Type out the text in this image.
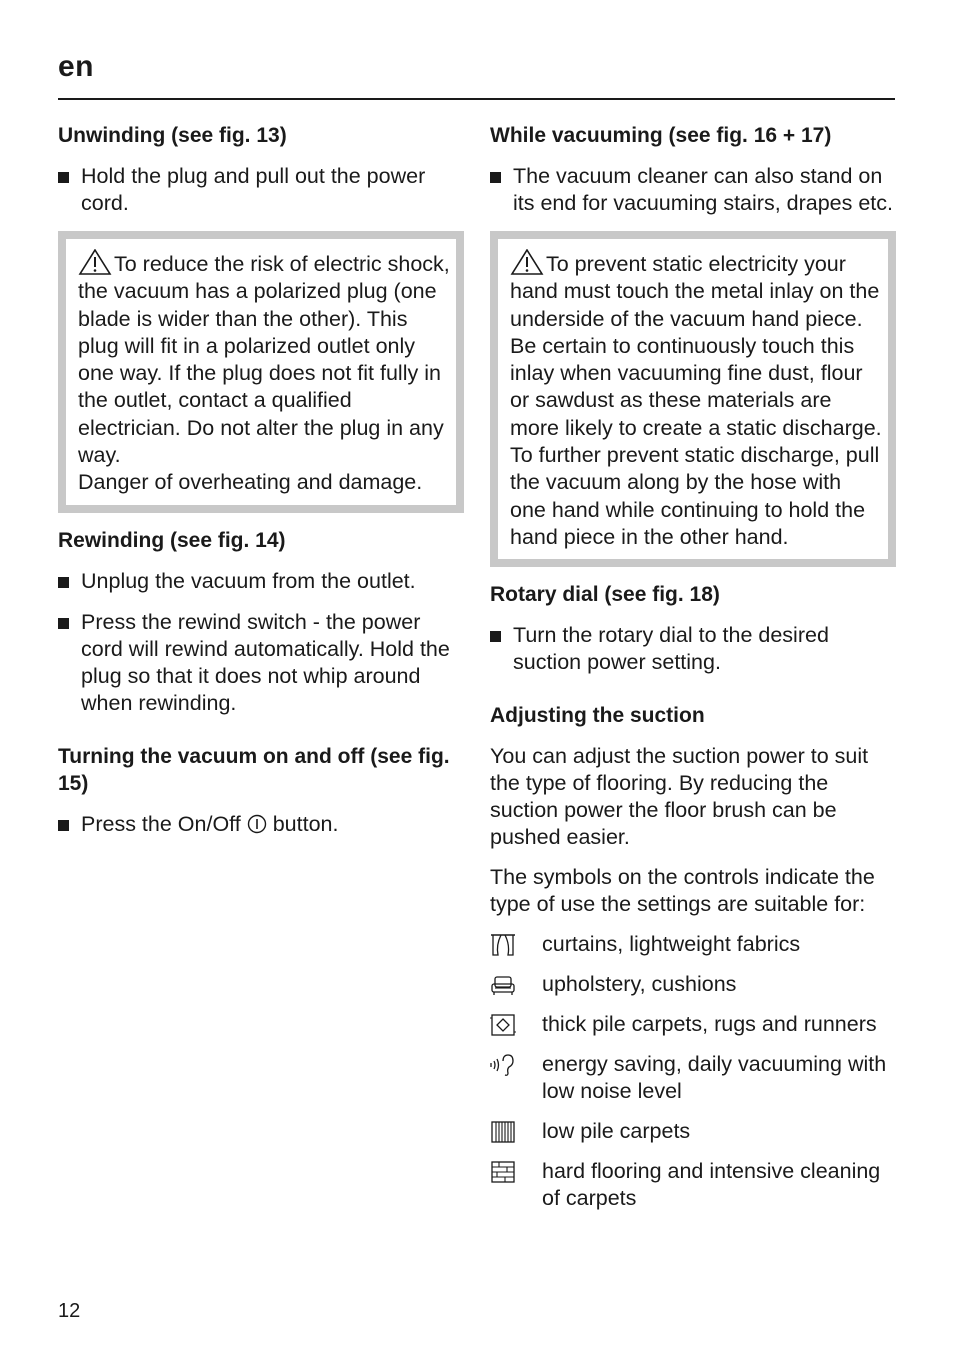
en
Unwinding (see fig. 13)
Hold the plug and pull out the power cord.
To reduce the risk of electric shock, the vacuum has a polarized plug (one blade is wider than the other). This plug will fit in a polarized outlet only one way. If the plug does not fit fully in the outlet, contact a qualified electrician. Do not alter the plug in any way.
Danger of overheating and damage.
Rewinding (see fig. 14)
Unplug the vacuum from the outlet.
Press the rewind switch - the power cord will rewind automatically. Hold the plug so that it does not whip around when rewinding.
Turning the vacuum on and off (see fig. 15)
Press the On/Off button.
While vacuuming (see fig. 16 + 17)
The vacuum cleaner can also stand on its end for vacuuming stairs, drapes etc.
To prevent static electricity your hand must touch the metal inlay on the underside of the vacuum hand piece. Be certain to continuously touch this inlay when vacuuming fine dust, flour or sawdust as these materials are more likely to create a static discharge. To further prevent static discharge, pull the vacuum along by the hose with one hand while continuing to hold the hand piece in the other hand.
Rotary dial (see fig. 18)
Turn the rotary dial to the desired suction power setting.
Adjusting the suction
You can adjust the suction power to suit the type of flooring. By reducing the suction power the floor brush can be pushed easier.
The symbols on the controls indicate the type of use the settings are suitable for:
curtains, lightweight fabrics
upholstery, cushions
thick pile carpets, rugs and runners
energy saving, daily vacuuming with low noise level
low pile carpets
hard flooring and intensive cleaning of carpets
12
